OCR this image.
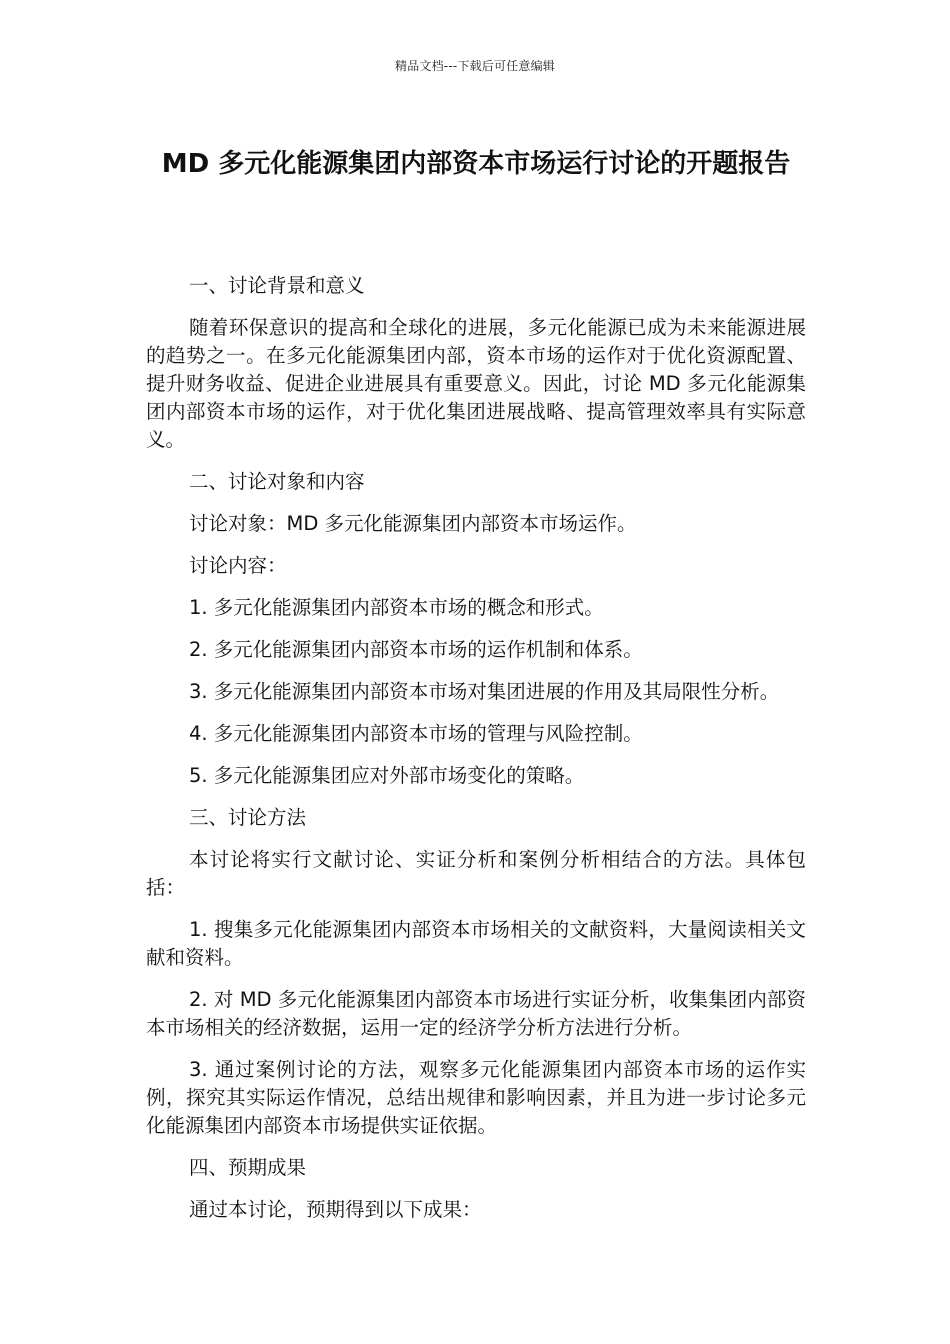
精品文档---下载后可任意编辑
MD 多元化能源集团内部资本市场运行讨论的开题报告

一、讨论背景和意义

随着环保意识的提高和全球化的进展，多元化能源已成为未来能源进展的趋势之一。在多元化能源集团内部，资本市场的运作对于优化资源配置、提升财务收益、促进企业进展具有重要意义。因此，讨论 MD 多元化能源集团内部资本市场的运作，对于优化集团进展战略、提高管理效率具有实际意义。

二、讨论对象和内容

讨论对象：MD 多元化能源集团内部资本市场运作。

讨论内容：

1. 多元化能源集团内部资本市场的概念和形式。

2. 多元化能源集团内部资本市场的运作机制和体系。

3. 多元化能源集团内部资本市场对集团进展的作用及其局限性分析。

4. 多元化能源集团内部资本市场的管理与风险控制。

5. 多元化能源集团应对外部市场变化的策略。

三、讨论方法

本讨论将实行文献讨论、实证分析和案例分析相结合的方法。具体包括：

1. 搜集多元化能源集团内部资本市场相关的文献资料，大量阅读相关文献和资料。

2. 对 MD 多元化能源集团内部资本市场进行实证分析，收集集团内部资本市场相关的经济数据，运用一定的经济学分析方法进行分析。

3. 通过案例讨论的方法，观察多元化能源集团内部资本市场的运作实例，探究其实际运作情况，总结出规律和影响因素，并且为进一步讨论多元化能源集团内部资本市场提供实证依据。

四、预期成果

通过本讨论，预期得到以下成果：
